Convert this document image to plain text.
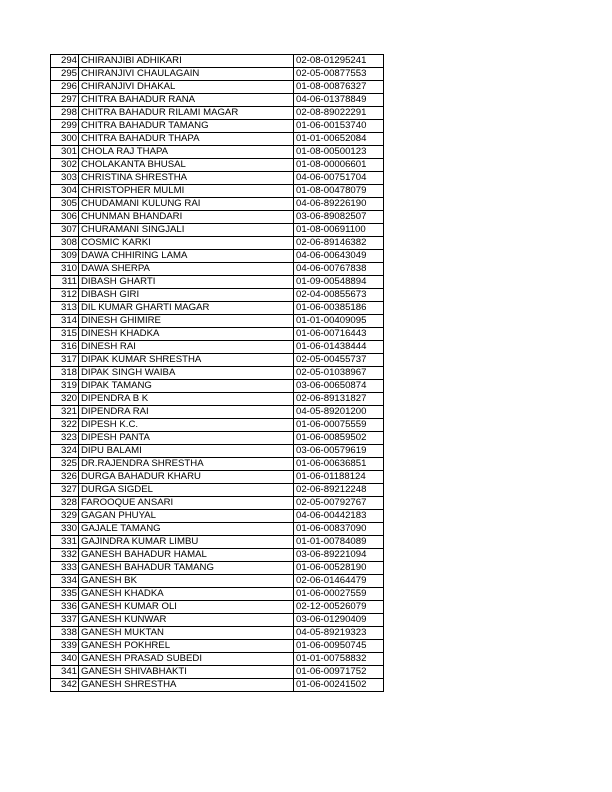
294	CHIRANJIBI ADHIKARI	02-08-01295241
295	CHIRANJIVI CHAULAGAIN	02-05-00877553
296	CHIRANJIVI DHAKAL	01-08-00876327
297	CHITRA BAHADUR RANA	04-06-01378849
298	CHITRA BAHADUR RILAMI MAGAR	02-08-89022291
299	CHITRA BAHADUR TAMANG	01-06-00153740
300	CHITRA BAHADUR THAPA	01-01-00652084
301	CHOLA RAJ THAPA	01-08-00500123
302	CHOLAKANTA BHUSAL	01-08-00006601
303	CHRISTINA SHRESTHA	04-06-00751704
304	CHRISTOPHER MULMI	01-08-00478079
305	CHUDAMANI KULUNG RAI	04-06-89226190
306	CHUNMAN BHANDARI	03-06-89082507
307	CHURAMANI SINGJALI	01-08-00691100
308	COSMIC KARKI	02-06-89146382
309	DAWA CHHIRING LAMA	04-06-00643049
310	DAWA SHERPA	04-06-00767838
311	DIBASH GHARTI	01-09-00548894
312	DIBASH GIRI	02-04-00855673
313	DIL KUMAR GHARTI MAGAR	01-06-00385186
314	DINESH GHIMIRE	01-01-00409095
315	DINESH KHADKA	01-06-00716443
316	DINESH RAI	01-06-01438444
317	DIPAK KUMAR SHRESTHA	02-05-00455737
318	DIPAK SINGH WAIBA	02-05-01038967
319	DIPAK TAMANG	03-06-00650874
320	DIPENDRA B K	02-06-89131827
321	DIPENDRA RAI	04-05-89201200
322	DIPESH K.C.	01-06-00075559
323	DIPESH PANTA	01-06-00859502
324	DIPU BALAMI	03-06-00579619
325	DR.RAJENDRA SHRESTHA	01-06-00636851
326	DURGA BAHADUR KHARU	01-06-01188124
327	DURGA SIGDEL	02-06-89212248
328	FAROOQUE ANSARI	02-05-00792767
329	GAGAN PHUYAL	04-06-00442183
330	GAJALE TAMANG	01-06-00837090
331	GAJINDRA KUMAR LIMBU	01-01-00784089
332	GANESH BAHADUR HAMAL	03-06-89221094
333	GANESH BAHADUR TAMANG	01-06-00528190
334	GANESH BK	02-06-01464479
335	GANESH KHADKA	01-06-00027559
336	GANESH KUMAR OLI	02-12-00526079
337	GANESH KUNWAR	03-06-01290409
338	GANESH MUKTAN	04-05-89219323
339	GANESH POKHREL	01-06-00950745
340	GANESH PRASAD SUBEDI	01-01-00758832
341	GANESH SHIVABHAKTI	01-06-00971752
342	GANESH SHRESTHA	01-06-00241502
